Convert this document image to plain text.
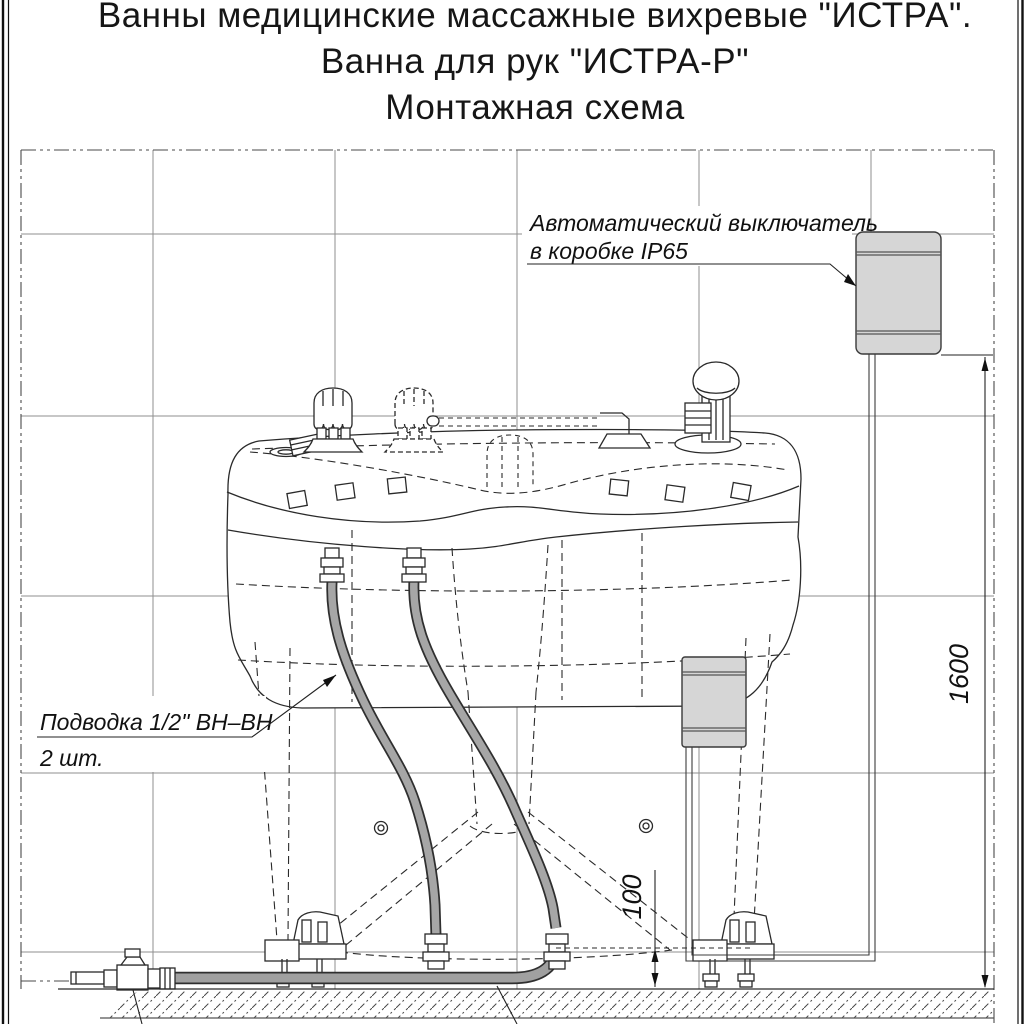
Ванны медицинские массажные вихревые "ИСТРА".
Ванна для рук "ИСТРА-Р"
Монтажная схема
1600
100
Автоматический выключатель
в коробке IP65
Подводка 1/2" ВН–ВН
2 шт.
